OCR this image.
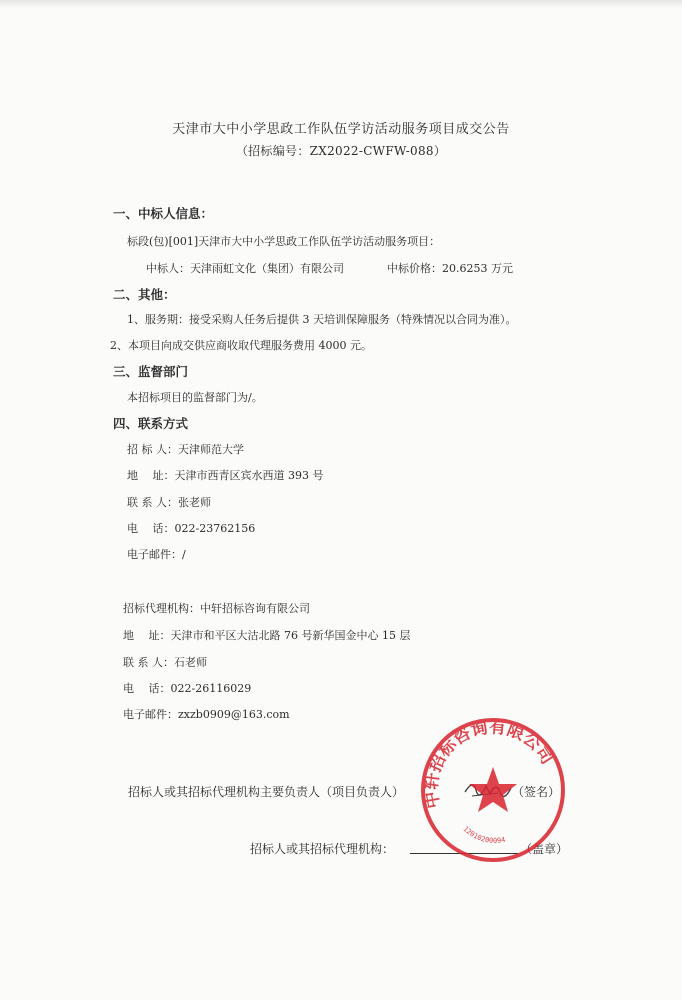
天津市大中小学思政工作队伍学访活动服务项目成交公告
（招标编号：ZX2022-CWFW-088）
一、中标人信息：
标段(包)[001]天津市大中小学思政工作队伍学访活动服务项目：
中标人：天津雨虹文化（集团）有限公司	中标价格：20.6253 万元
二、其他：
1、服务期：接受采购人任务后提供 3 天培训保障服务（特殊情况以合同为准）。
2、本项目向成交供应商收取代理服务费用 4000 元。
三、监督部门
本招标项目的监督部门为/。
四、联系方式
招 标 人：天津师范大学
地　 址：天津市西青区宾水西道 393 号
联 系 人：张老师
电　 话：022-23762156
电子邮件：/
招标代理机构：中轩招标咨询有限公司
地　 址：天津市和平区大沽北路 76 号新华国金中心 15 层
联 系 人：石老师
电　 话：022-26116029
电子邮件：zxzb0909@163.com
招标人或其招标代理机构主要负责人（项目负责人）	（签名）
招标人或其招标代理机构：	（盖章）
中轩招标咨询有限公司
12010200094
